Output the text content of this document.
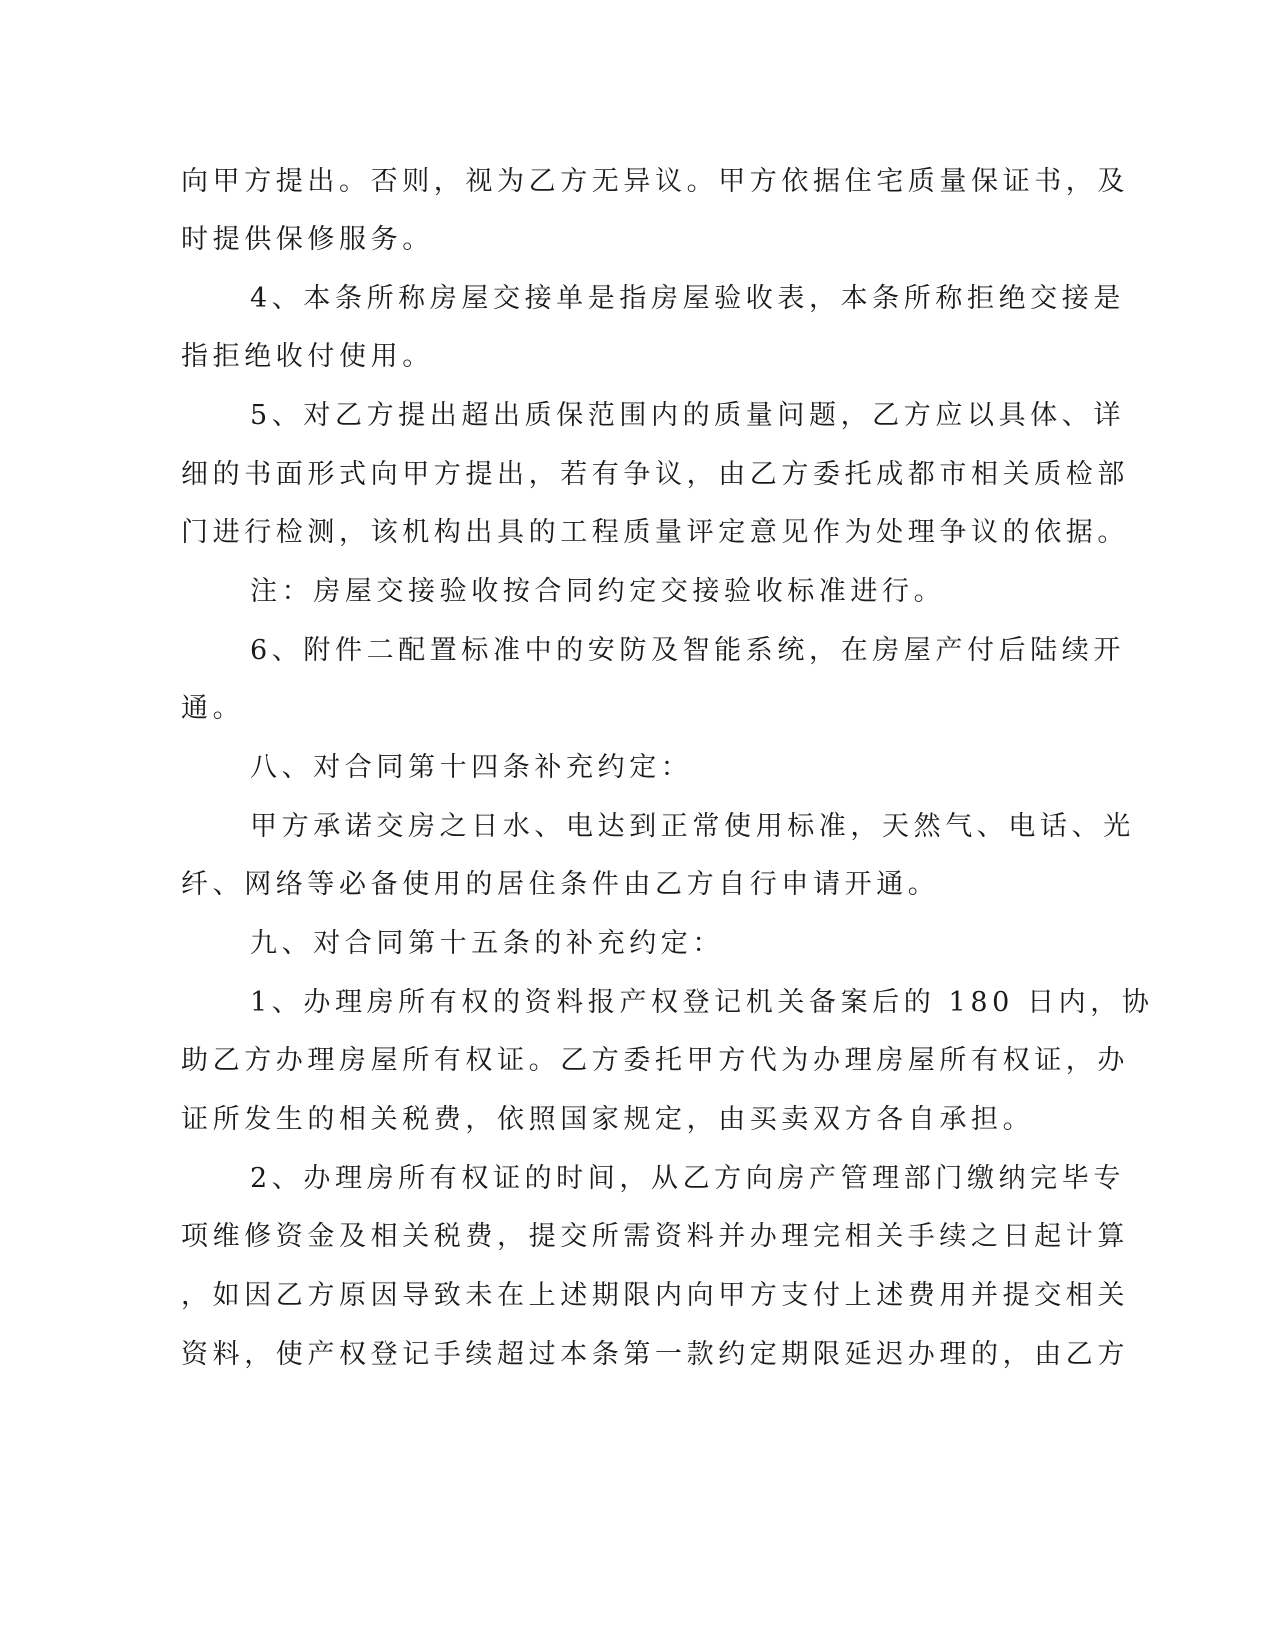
向甲方提出。否则，视为乙方无异议。甲方依据住宅质量保证书，及
时提供保修服务。
4、本条所称房屋交接单是指房屋验收表，本条所称拒绝交接是
指拒绝收付使用。
5、对乙方提出超出质保范围内的质量问题，乙方应以具体、详
细的书面形式向甲方提出，若有争议，由乙方委托成都市相关质检部
门进行检测，该机构出具的工程质量评定意见作为处理争议的依据。
注：房屋交接验收按合同约定交接验收标准进行。
6、附件二配置标准中的安防及智能系统，在房屋产付后陆续开
通。
八、对合同第十四条补充约定：
甲方承诺交房之日水、电达到正常使用标准，天然气、电话、光
纤、网络等必备使用的居住条件由乙方自行申请开通。
九、对合同第十五条的补充约定：
1、办理房所有权的资料报产权登记机关备案后的 180 日内，协
助乙方办理房屋所有权证。乙方委托甲方代为办理房屋所有权证，办
证所发生的相关税费，依照国家规定，由买卖双方各自承担。
2、办理房所有权证的时间，从乙方向房产管理部门缴纳完毕专
项维修资金及相关税费，提交所需资料并办理完相关手续之日起计算
，如因乙方原因导致未在上述期限内向甲方支付上述费用并提交相关
资料，使产权登记手续超过本条第一款约定期限延迟办理的，由乙方
